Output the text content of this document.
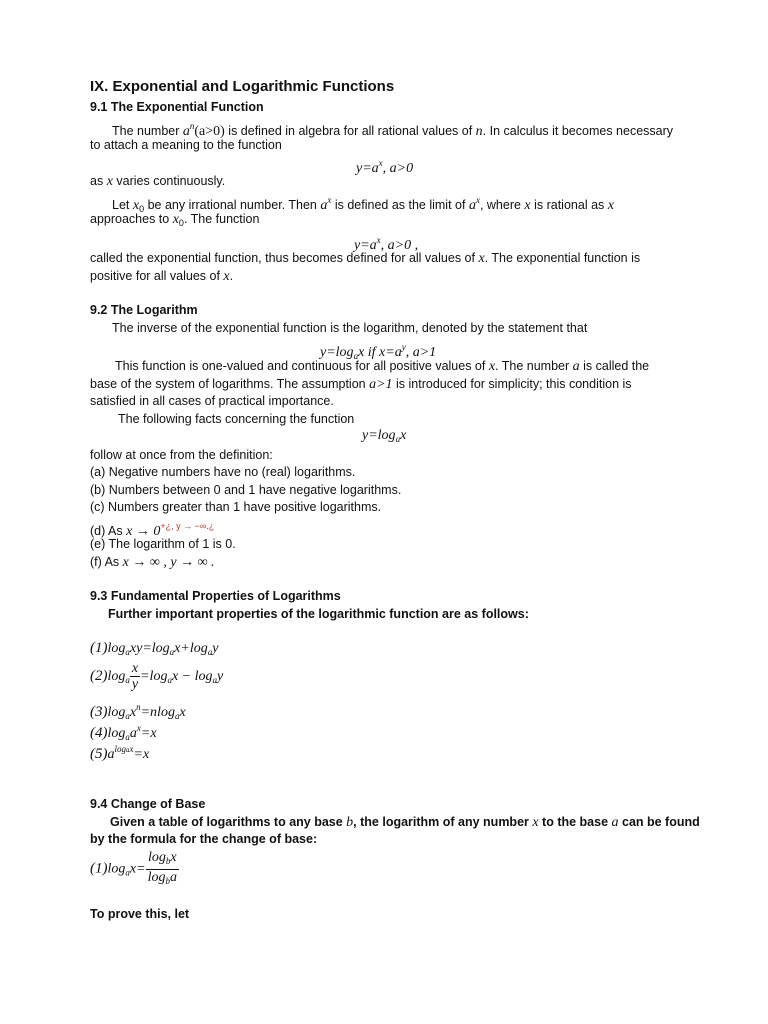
IX. Exponential and Logarithmic Functions
9.1 The Exponential Function
The number $a^n(a>0)$ is defined in algebra for all rational values of n. In calculus it becomes necessary
to attach a meaning to the function
$y=a^x$, a>0
as x varies continuously.
Let $x_0$ be any irrational number. Then $a^x$ is defined as the limit of $a^x$, where x is rational as x
approaches to $x_0$. The function
$y=a^x$, a>0 ,
called the exponential function, thus becomes defined for all values of x. The exponential function is
positive for all values of x.
9.2 The Logarithm
The inverse of the exponential function is the logarithm, denoted by the statement that
$y=\log_ax$ if $x=a^y$, a>1
This function is one-valued and continuous for all positive values of x. The number a is called the
base of the system of logarithms. The assumption a>1 is introduced for simplicity; this condition is
satisfied in all cases of practical importance.
The following facts concerning the function
$y=\log_ax$
follow at once from the definition:
(a) Negative numbers have no (real) logarithms.
(b) Numbers between 0 and 1 have negative logarithms.
(c) Numbers greater than 1 have positive logarithms.
(d) As $x \to 0^{+¿, y \to -\infty.¿}$
(e) The logarithm of 1 is 0.
(f) As x → ∞ , y → ∞ .
9.3 Fundamental Properties of Logarithms
Further important properties of the logarithmic function are as follows:
$(1)\log_axy=\log_ax+\log_ay$
$(2)\log_a \frac{x}{y} =\log_ax - \log_ay$
$(3)\log_ax^n=nlog_ax$
$(4)\log_aa^x=x$
$(5)a^{logax}=x$
9.4 Change of Base
Given a table of logarithms to any base b, the logarithm of any number x to the base a can be found
by the formula for the change of base:
$(1)\log_ax= \frac{\log_bx}{\log_ba}$
To prove this, let
